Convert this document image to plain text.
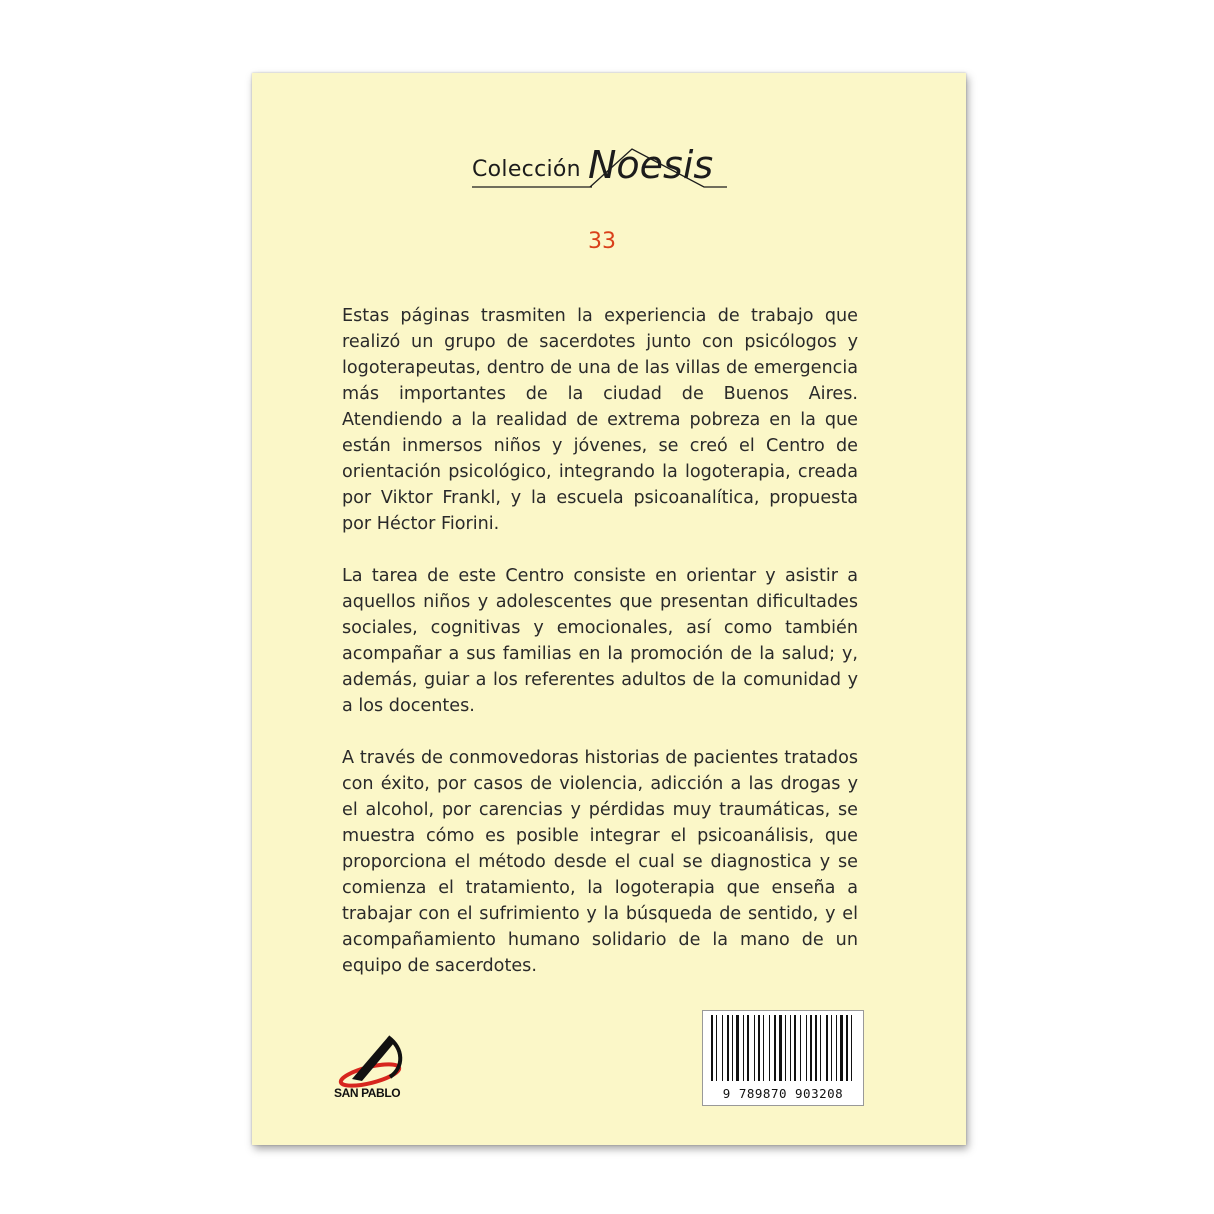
Colección Noesis
33

Estas páginas trasmiten la experiencia de trabajo que realizó un grupo de sacerdotes junto con psicólogos y logoterapeutas, dentro de una de las villas de emergencia más importantes de la ciudad de Buenos Aires. Atendiendo a la realidad de extrema pobreza en la que están inmersos niños y jóvenes, se creó el Centro de orientación psicológico, integrando la logoterapia, creada por Viktor Frankl, y la escuela psicoanalítica, propuesta por Héctor Fiorini.

La tarea de este Centro consiste en orientar y asistir a aquellos niños y adolescentes que presentan dificultades sociales, cognitivas y emocionales, así como también acompañar a sus familias en la promoción de la salud; y, además, guiar a los referentes adultos de la comunidad y a los docentes.

A través de conmovedoras historias de pacientes tratados con éxito, por casos de violencia, adicción a las drogas y el alcohol, por carencias y pérdidas muy traumáticas, se muestra cómo es posible integrar el psicoanálisis, que proporciona el método desde el cual se diagnostica y se comienza el tratamiento, la logoterapia que enseña a trabajar con el sufrimiento y la búsqueda de sentido, y el acompañamiento humano solidario de la mano de un equipo de sacerdotes.

SAN PABLO	9 789870 903208
